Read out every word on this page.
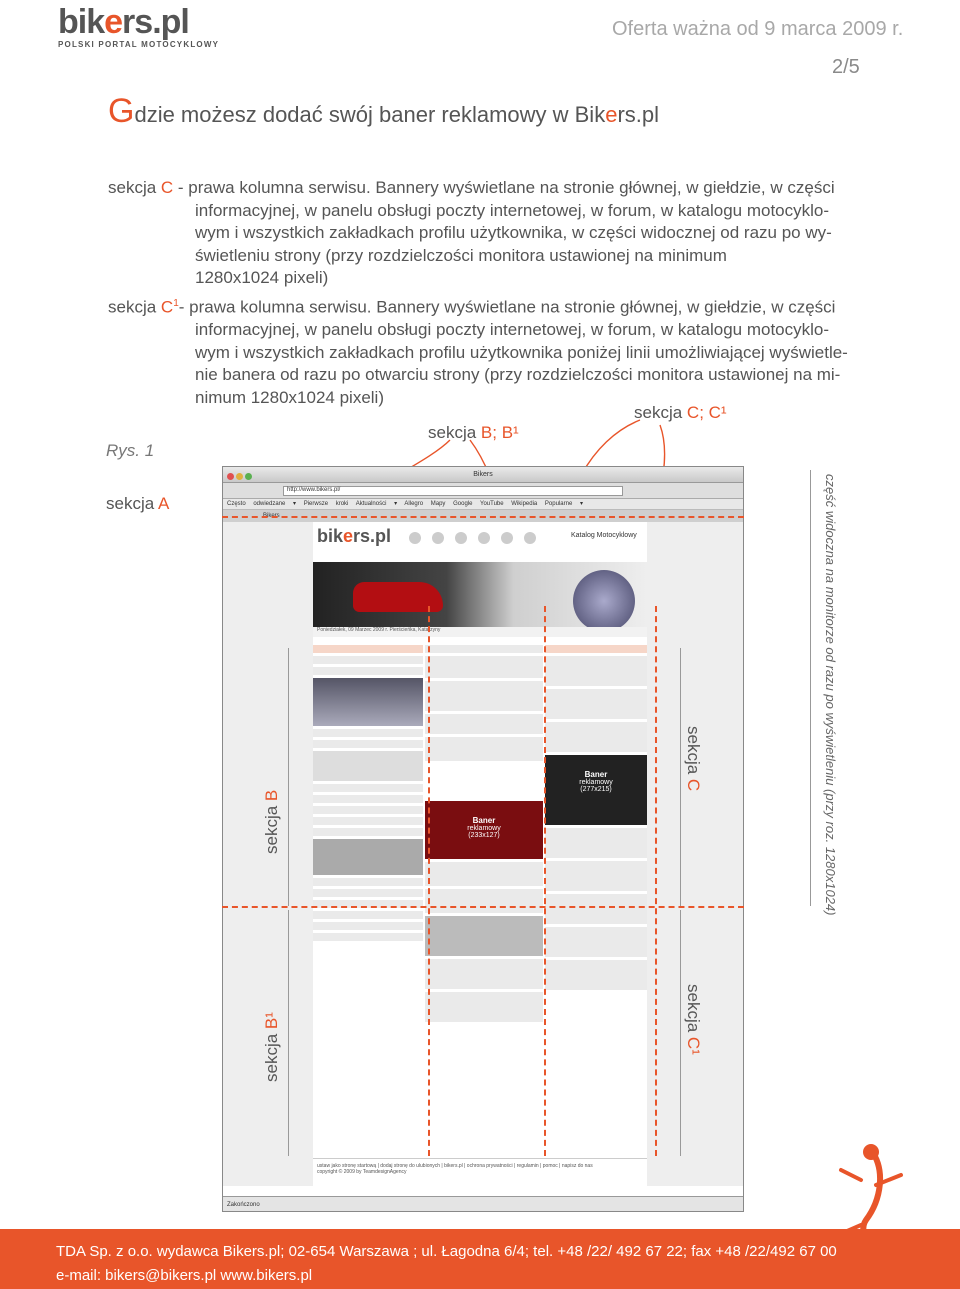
bikers.pl
POLSKI PORTAL MOTOCYKLOWY
Oferta ważna od 9 marca 2009 r.
2/5
Gdzie możesz dodać swój baner reklamowy w Bikers.pl
sekcja C - prawa kolumna serwisu. Bannery wyświetlane na stronie głównej, w giełdzie, w części
informacyjnej, w panelu obsługi poczty internetowej, w forum, w katalogu motocyklo-
wym i wszystkich zakładkach profilu użytkownika, w części widocznej od razu po wy-
świetleniu strony (przy rozdzielczości monitora ustawionej na minimum
1280x1024 pixeli)
sekcja $C^1-$ prawa kolumna serwisu. Bannery wyświetlane na stronie głównej, w giełdzie, w części
informacyjnej, w panelu obsługi poczty internetowej, w forum, w katalogu motocyklo-
wym i wszystkich zakładkach profilu użytkownika poniżej linii umożliwiającej wyświetle-
nie banera od razu po otwarciu strony (przy rozdzielczości monitora ustawionej na mi-
nimum 1280x1024 pixeli)
sekcja C; C¹
sekcja B; B¹
Rys. 1
sekcja A
Bikers
http://www.bikers.pl/
Często odwiedzane ▾ Pierwsze kroki Aktualności ▾ Allegro Mapy Google YouTube Wikipedia Popularne ▾
Bikers
bikers.pl	Katalog Motocyklowy
Poniedziałek, 09 Marzec 2009 r. Pierścieńka, Katarzyny
Baner
reklamowy
(233x127)
Baner
reklamowy
(277x215)
ustaw jako stronę startową | dodaj stronę do ulubionych | bikers.pl | ochrona prywatności | regulamin | pomoc | napisz do nas
copyright © 2009 by TeamdesignAgency
Zakończono
sekcja B
sekcja B¹
sekcja C
sekcja C¹
część widoczna na monitorze od razu po wyświetleniu (przy roz. 1280x1024)
TDA Sp. z o.o. wydawca Bikers.pl; 02-654 Warszawa ; ul. Łagodna 6/4; tel. +48 /22/ 492 67 22; fax +48 /22/492 67 00
e-mail: bikers@bikers.pl www.bikers.pl
